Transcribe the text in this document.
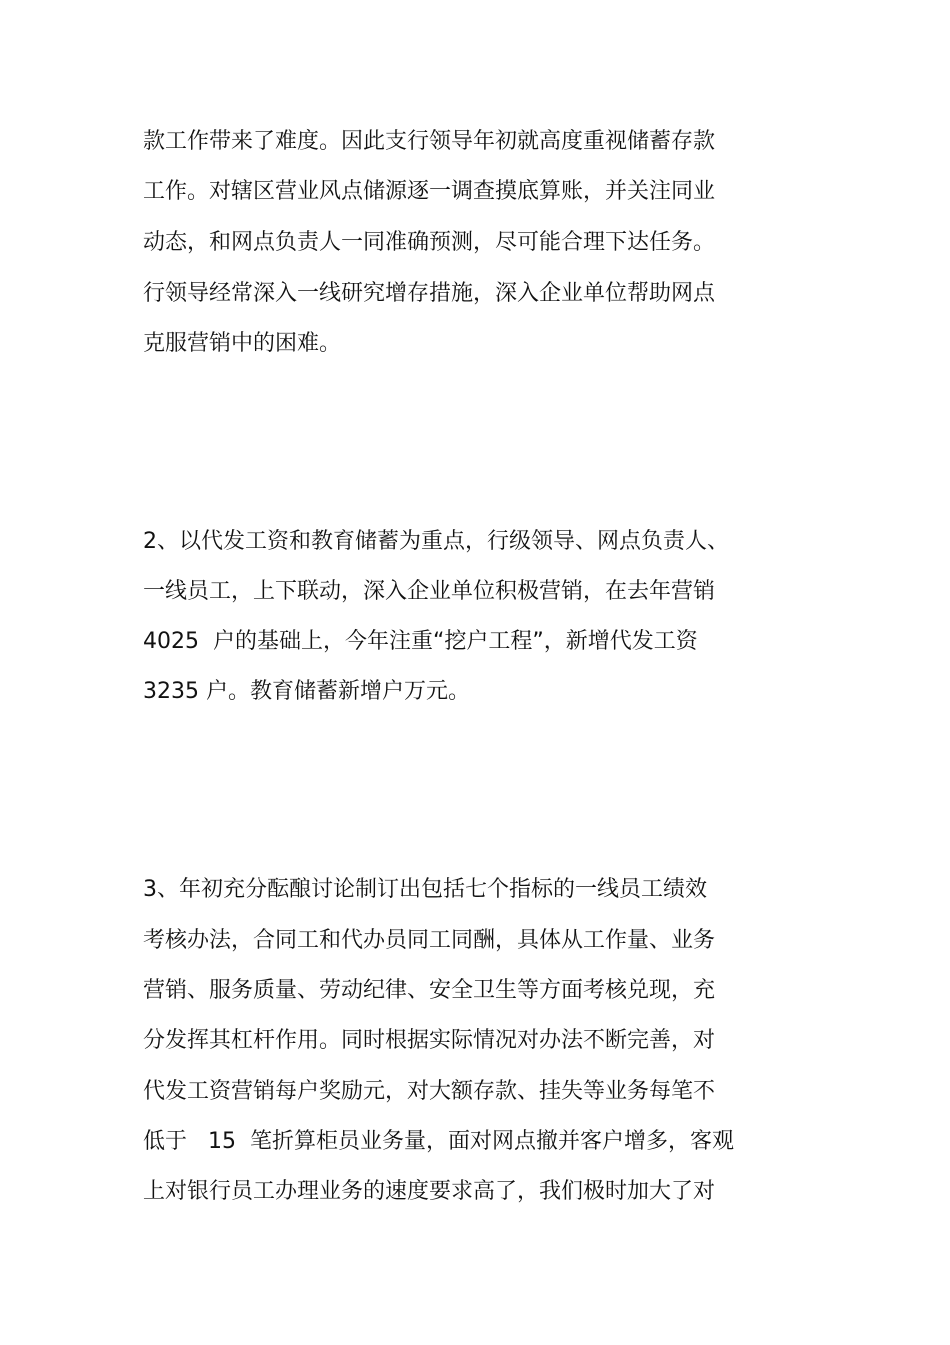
款工作带来了难度。因此支行领导年初就高度重视储蓄存款

工作。对辖区营业风点储源逐一调查摸底算账，并关注同业

动态，和网点负责人一同准确预测，尽可能合理下达任务。

行领导经常深入一线研究增存措施，深入企业单位帮助网点

克服营销中的困难。

2、以代发工资和教育储蓄为重点，行级领导、网点负责人、

一线员工，上下联动，深入企业单位积极营销，在去年营销

4025  户的基础上，今年注重“挖户工程”，新增代发工资

3235 户。教育储蓄新增户万元。

3、年初充分酝酿讨论制订出包括七个指标的一线员工绩效

考核办法，合同工和代办员同工同酬，具体从工作量、业务

营销、服务质量、劳动纪律、安全卫生等方面考核兑现，充

分发挥其杠杆作用。同时根据实际情况对办法不断完善，对

代发工资营销每户奖励元，对大额存款、挂失等业务每笔不

低于   15  笔折算柜员业务量，面对网点撤并客户增多，客观

上对银行员工办理业务的速度要求高了，我们极时加大了对
